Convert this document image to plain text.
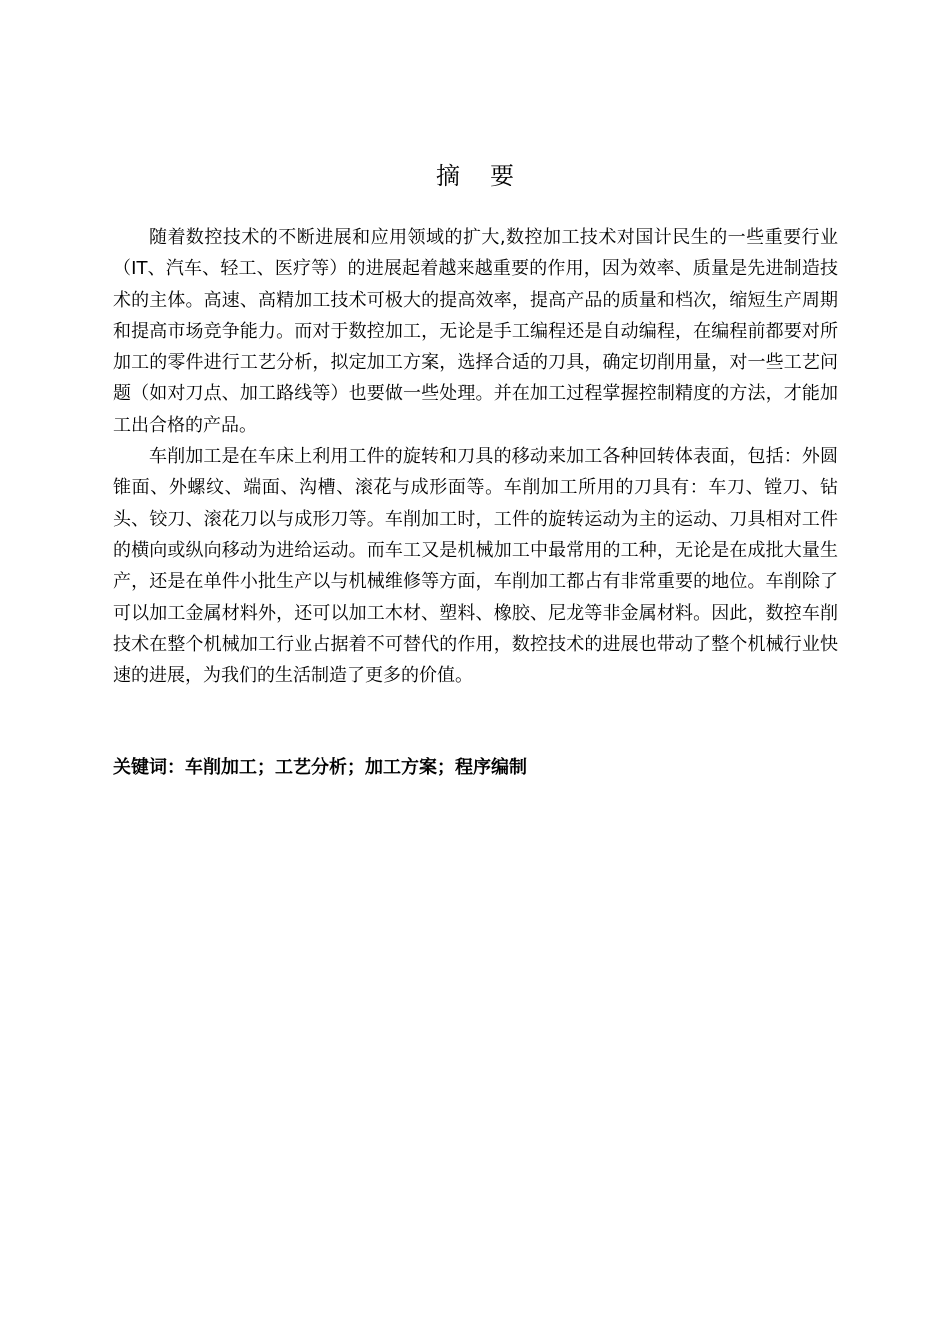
摘 要

随着数控技术的不断进展和应用领域的扩大,数控加工技术对国计民生的一些重要行业（IT、汽车、轻工、医疗等）的进展起着越来越重要的作用，因为效率、质量是先进制造技术的主体。高速、高精加工技术可极大的提高效率，提高产品的质量和档次，缩短生产周期和提高市场竞争能力。而对于数控加工，无论是手工编程还是自动编程，在编程前都要对所加工的零件进行工艺分析，拟定加工方案，选择合适的刀具，确定切削用量，对一些工艺问题（如对刀点、加工路线等）也要做一些处理。并在加工过程掌握控制精度的方法，才能加工出合格的产品。

车削加工是在车床上利用工件的旋转和刀具的移动来加工各种回转体表面，包括：外圆锥面、外螺纹、端面、沟槽、滚花与成形面等。车削加工所用的刀具有：车刀、镗刀、钻头、铰刀、滚花刀以与成形刀等。车削加工时，工件的旋转运动为主的运动、刀具相对工件的横向或纵向移动为进给运动。而车工又是机械加工中最常用的工种，无论是在成批大量生产，还是在单件小批生产以与机械维修等方面，车削加工都占有非常重要的地位。车削除了可以加工金属材料外，还可以加工木材、塑料、橡胶、尼龙等非金属材料。因此，数控车削技术在整个机械加工行业占据着不可替代的作用，数控技术的进展也带动了整个机械行业快速的进展，为我们的生活制造了更多的价值。

关键词：车削加工；工艺分析；加工方案；程序编制
